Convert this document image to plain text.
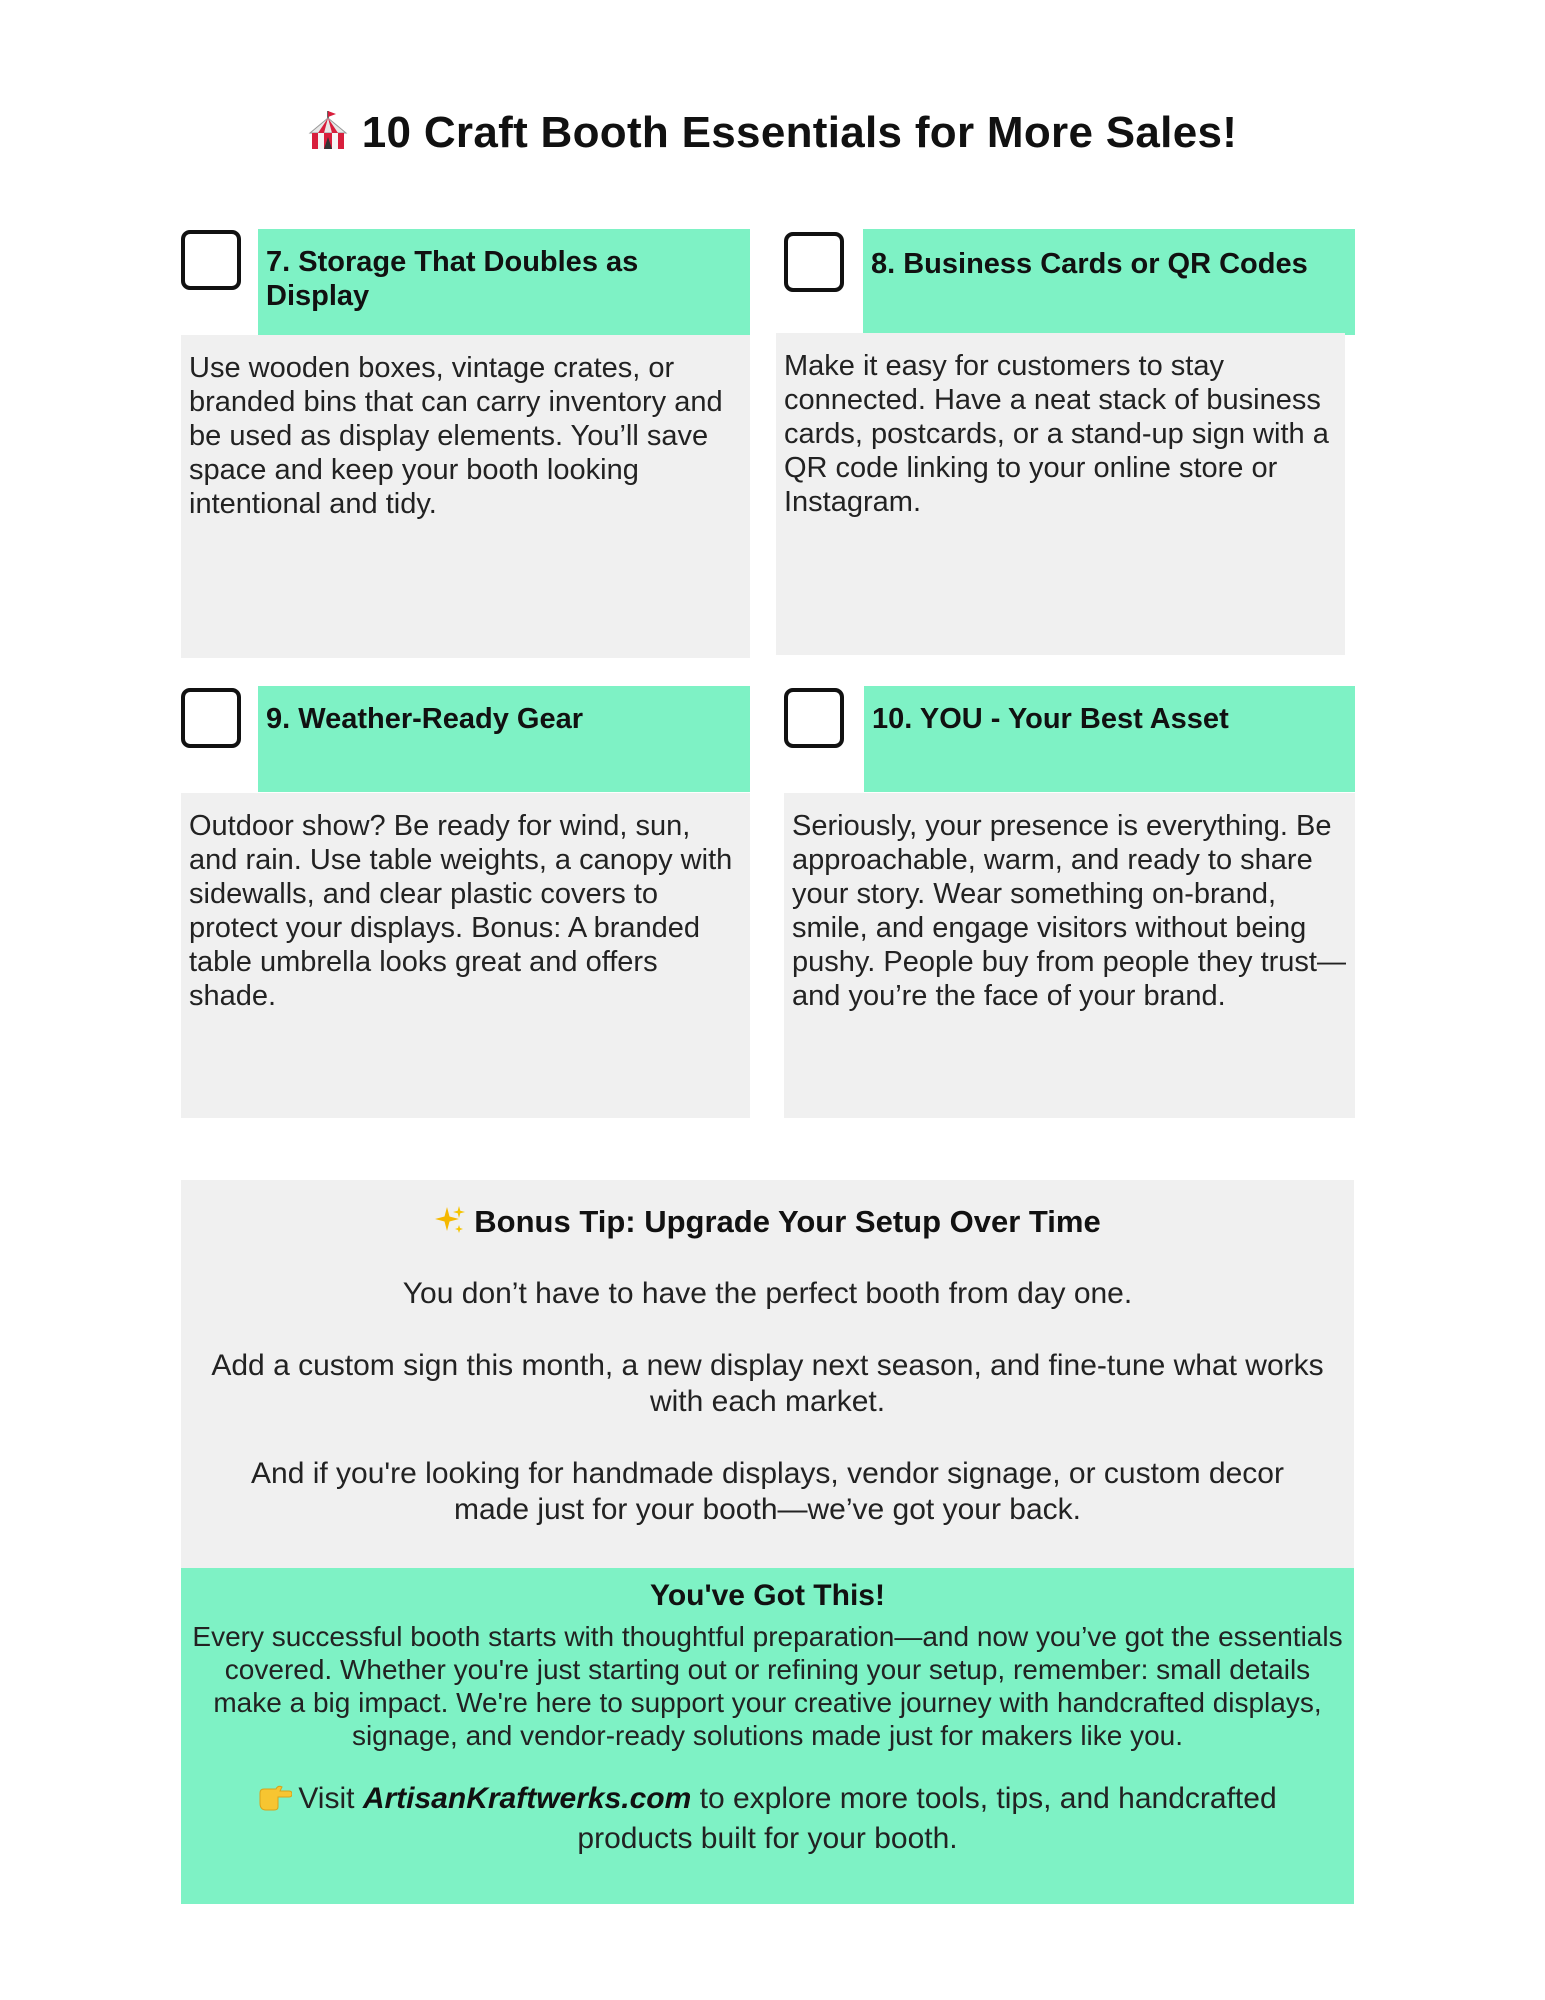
10 Craft Booth Essentials for More Sales!
7. Storage That Doubles as Display
Use wooden boxes, vintage crates, or branded bins that can carry inventory and be used as display elements. You’ll save space and keep your booth looking intentional and tidy.
8. Business Cards or QR Codes
Make it easy for customers to stay connected. Have a neat stack of business cards, postcards, or a stand-up sign with a QR code linking to your online store or Instagram.
9. Weather-Ready Gear
Outdoor show? Be ready for wind, sun, and rain. Use table weights, a canopy with sidewalls, and clear plastic covers to protect your displays. Bonus: A branded table umbrella looks great and offers shade.
10. YOU - Your Best Asset
Seriously, your presence is everything. Be approachable, warm, and ready to share your story. Wear something on-brand, smile, and engage visitors without being pushy. People buy from people they trust—and you’re the face of your brand.
Bonus Tip: Upgrade Your Setup Over Time

You don’t have to have the perfect booth from day one.

Add a custom sign this month, a new display next season, and fine-tune what works with each market.

And if you're looking for handmade displays, vendor signage, or custom decor made just for your booth—we’ve got your back.

You've Got This!
Every successful booth starts with thoughtful preparation—and now you’ve got the essentials covered. Whether you're just starting out or refining your setup, remember: small details make a big impact. We're here to support your creative journey with handcrafted displays, signage, and vendor-ready solutions made just for makers like you.
Visit ArtisanKraftwerks.com to explore more tools, tips, and handcrafted products built for your booth.
